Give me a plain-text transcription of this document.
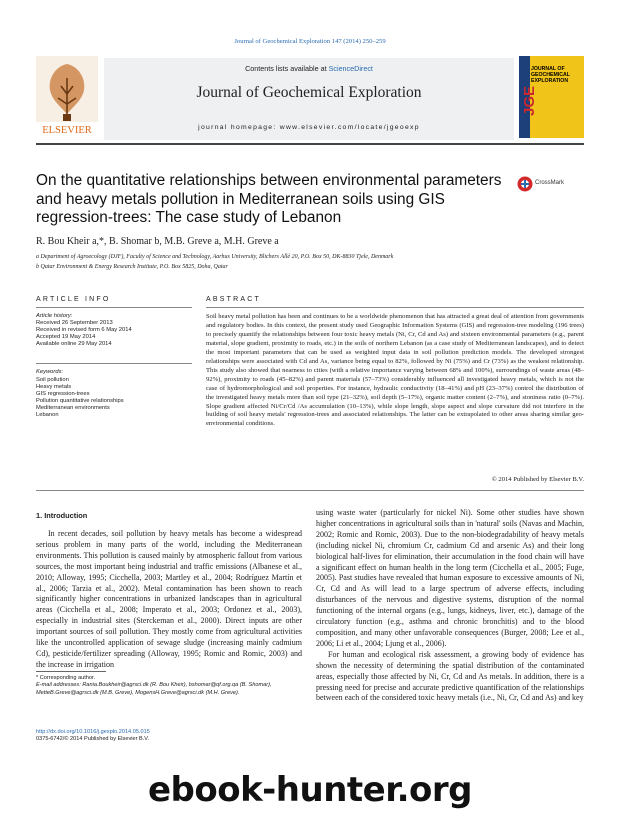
Journal of Geochemical Exploration 147 (2014) 250–259
Contents lists available at ScienceDirect
Journal of Geochemical Exploration
journal homepage: www.elsevier.com/locate/jgeoexp
ELSEVIER
JOURNAL OF GEOCHEMICAL EXPLORATION
JGE
On the quantitative relationships between environmental parameters and heavy metals pollution in Mediterranean soils using GIS regression-trees: The case study of Lebanon
CrossMark
R. Bou Kheir a,*, B. Shomar b, M.B. Greve a, M.H. Greve a
a Department of Agroecology (DJF), Faculty of Science and Technology, Aarhus University, Blichers Allé 20, P.O. Box 50, DK-8830 Tjele, Denmark
b Qatar Environment & Energy Research Institute, P.O. Box 5825, Doha, Qatar
ARTICLE INFO	ABSTRACT
Article history:
Received 26 September 2013
Received in revised form 6 May 2014
Accepted 19 May 2014
Available online 29 May 2014
Keywords:
Soil pollution
Heavy metals
GIS regression-trees
Pollution quantitative relationships
Mediterranean environments
Lebanon
Soil heavy metal pollution has been and continues to be a worldwide phenomenon that has attracted a great deal of attention from governments and regulatory bodies. In this context, the present study used Geographic Information Systems (GIS) and regression-tree modeling (196 trees) to precisely quantify the relationships between four toxic heavy metals (Ni, Cr, Cd and As) and sixteen environmental parameters (e.g., parent material, slope gradient, proximity to roads, etc.) in the soils of northern Lebanon (as a case study of Mediterranean landscapes), and to detect the most important parameters that can be used as weighted input data in soil pollution prediction models. The developed strongest relationships were associated with Cd and As, variance being equal to 82%, followed by Ni (75%) and Cr (73%) as the weakest relationship. This study also showed that nearness to cities (with a relative importance varying between 68% and 100%), surroundings of waste areas (48–92%), proximity to roads (45–82%) and parent materials (57–73%) considerably influenced all investigated heavy metals, which is not the case of hydromorphological and soil properties. For instance, hydraulic conductivity (18–41%) and pH (23–37%) control the distribution of the investigated heavy metals more than soil type (21–32%), soil depth (5–17%), organic matter content (2–7%), and stoniness ratio (0–7%). Slope gradient affected Ni/Cr/Cd /As accumulation (10–13%), while slope length, slope aspect and slope curvature did not interfere in the building of soil heavy metals' regression-trees and associated relationships. The latter can be extrapolated to other areas sharing similar geo-environmental conditions.
© 2014 Published by Elsevier B.V.
1. Introduction

In recent decades, soil pollution by heavy metals has become a widespread serious problem in many parts of the world, including the Mediterranean environments. This pollution is caused mainly by atmospheric fallout from various sources, the most important being industrial and traffic emissions (Albanese et al., 2010; Alloway, 1995; Cicchella, 2003; Martley et al., 2004; Rodríguez Martín et al., 2006; Tarzia et al., 2002). Metal contamination has been shown to reach significantly higher concentrations in urbanized landscapes than in agricultural areas (Cicchella et al., 2008; Imperato et al., 2003; Ordonez et al., 2003), especially in industrial sites (Sterckeman et al., 2000). Direct inputs are other important sources of soil pollution. They mostly come from agricultural activities like the uncontrolled application of sewage sludge (increasing mainly cadmium Cd), pesticide/fertilizer spreading (Alloway, 1995; Romic and Romic, 2003) and the increase in irrigation

using waste water (particularly for nickel Ni). Some other studies have shown higher concentrations in agricultural soils than in 'natural' soils (Navas and Machin, 2002; Romic and Romic, 2003). Due to the non-biodegradability of heavy metals (including nickel Ni, chromium Cr, cadmium Cd and arsenic As) and their long biological half-lives for elimination, their accumulation in the food chain will have a significant effect on human health in the long term (Cicchella et al., 2005; Fuge, 2005). Past studies have revealed that human exposure to excessive amounts of Ni, Cr, Cd and As will lead to a large spectrum of adverse effects, including disturbances of the nervous and digestive systems, disruption of the normal functioning of the internal organs (e.g., lungs, kidneys, liver, etc.), damage of the circulatory function (e.g., asthma and chronic bronchitis) and to the blood composition, and many other unfavorable consequences (Burger, 2008; Lee et al., 2006; Li et al., 2004; Ljung et al., 2006).

For human and ecological risk assessment, a growing body of evidence has shown the necessity of determining the spatial distribution of the contaminated areas, especially those affected by Ni, Cr, Cd and As metals. In addition, there is a pressing need for precise and accurate predictive quantification of the relationships between each of the considered toxic heavy metals (i.e., Ni, Cr, Cd and As) and key

* Corresponding author.
E-mail addresses: Rania.Boukheir@agrsci.dk (R. Bou Kheir), bshomar@qf.org.qa (B. Shomar), MetteB.Greve@agrsci.dk (M.B. Greve), MogensH.Greve@agrsci.dk (M.H. Greve).
http://dx.doi.org/10.1016/j.gexplo.2014.05.015
0375-6742/© 2014 Published by Elsevier B.V.
ebook-hunter.org
